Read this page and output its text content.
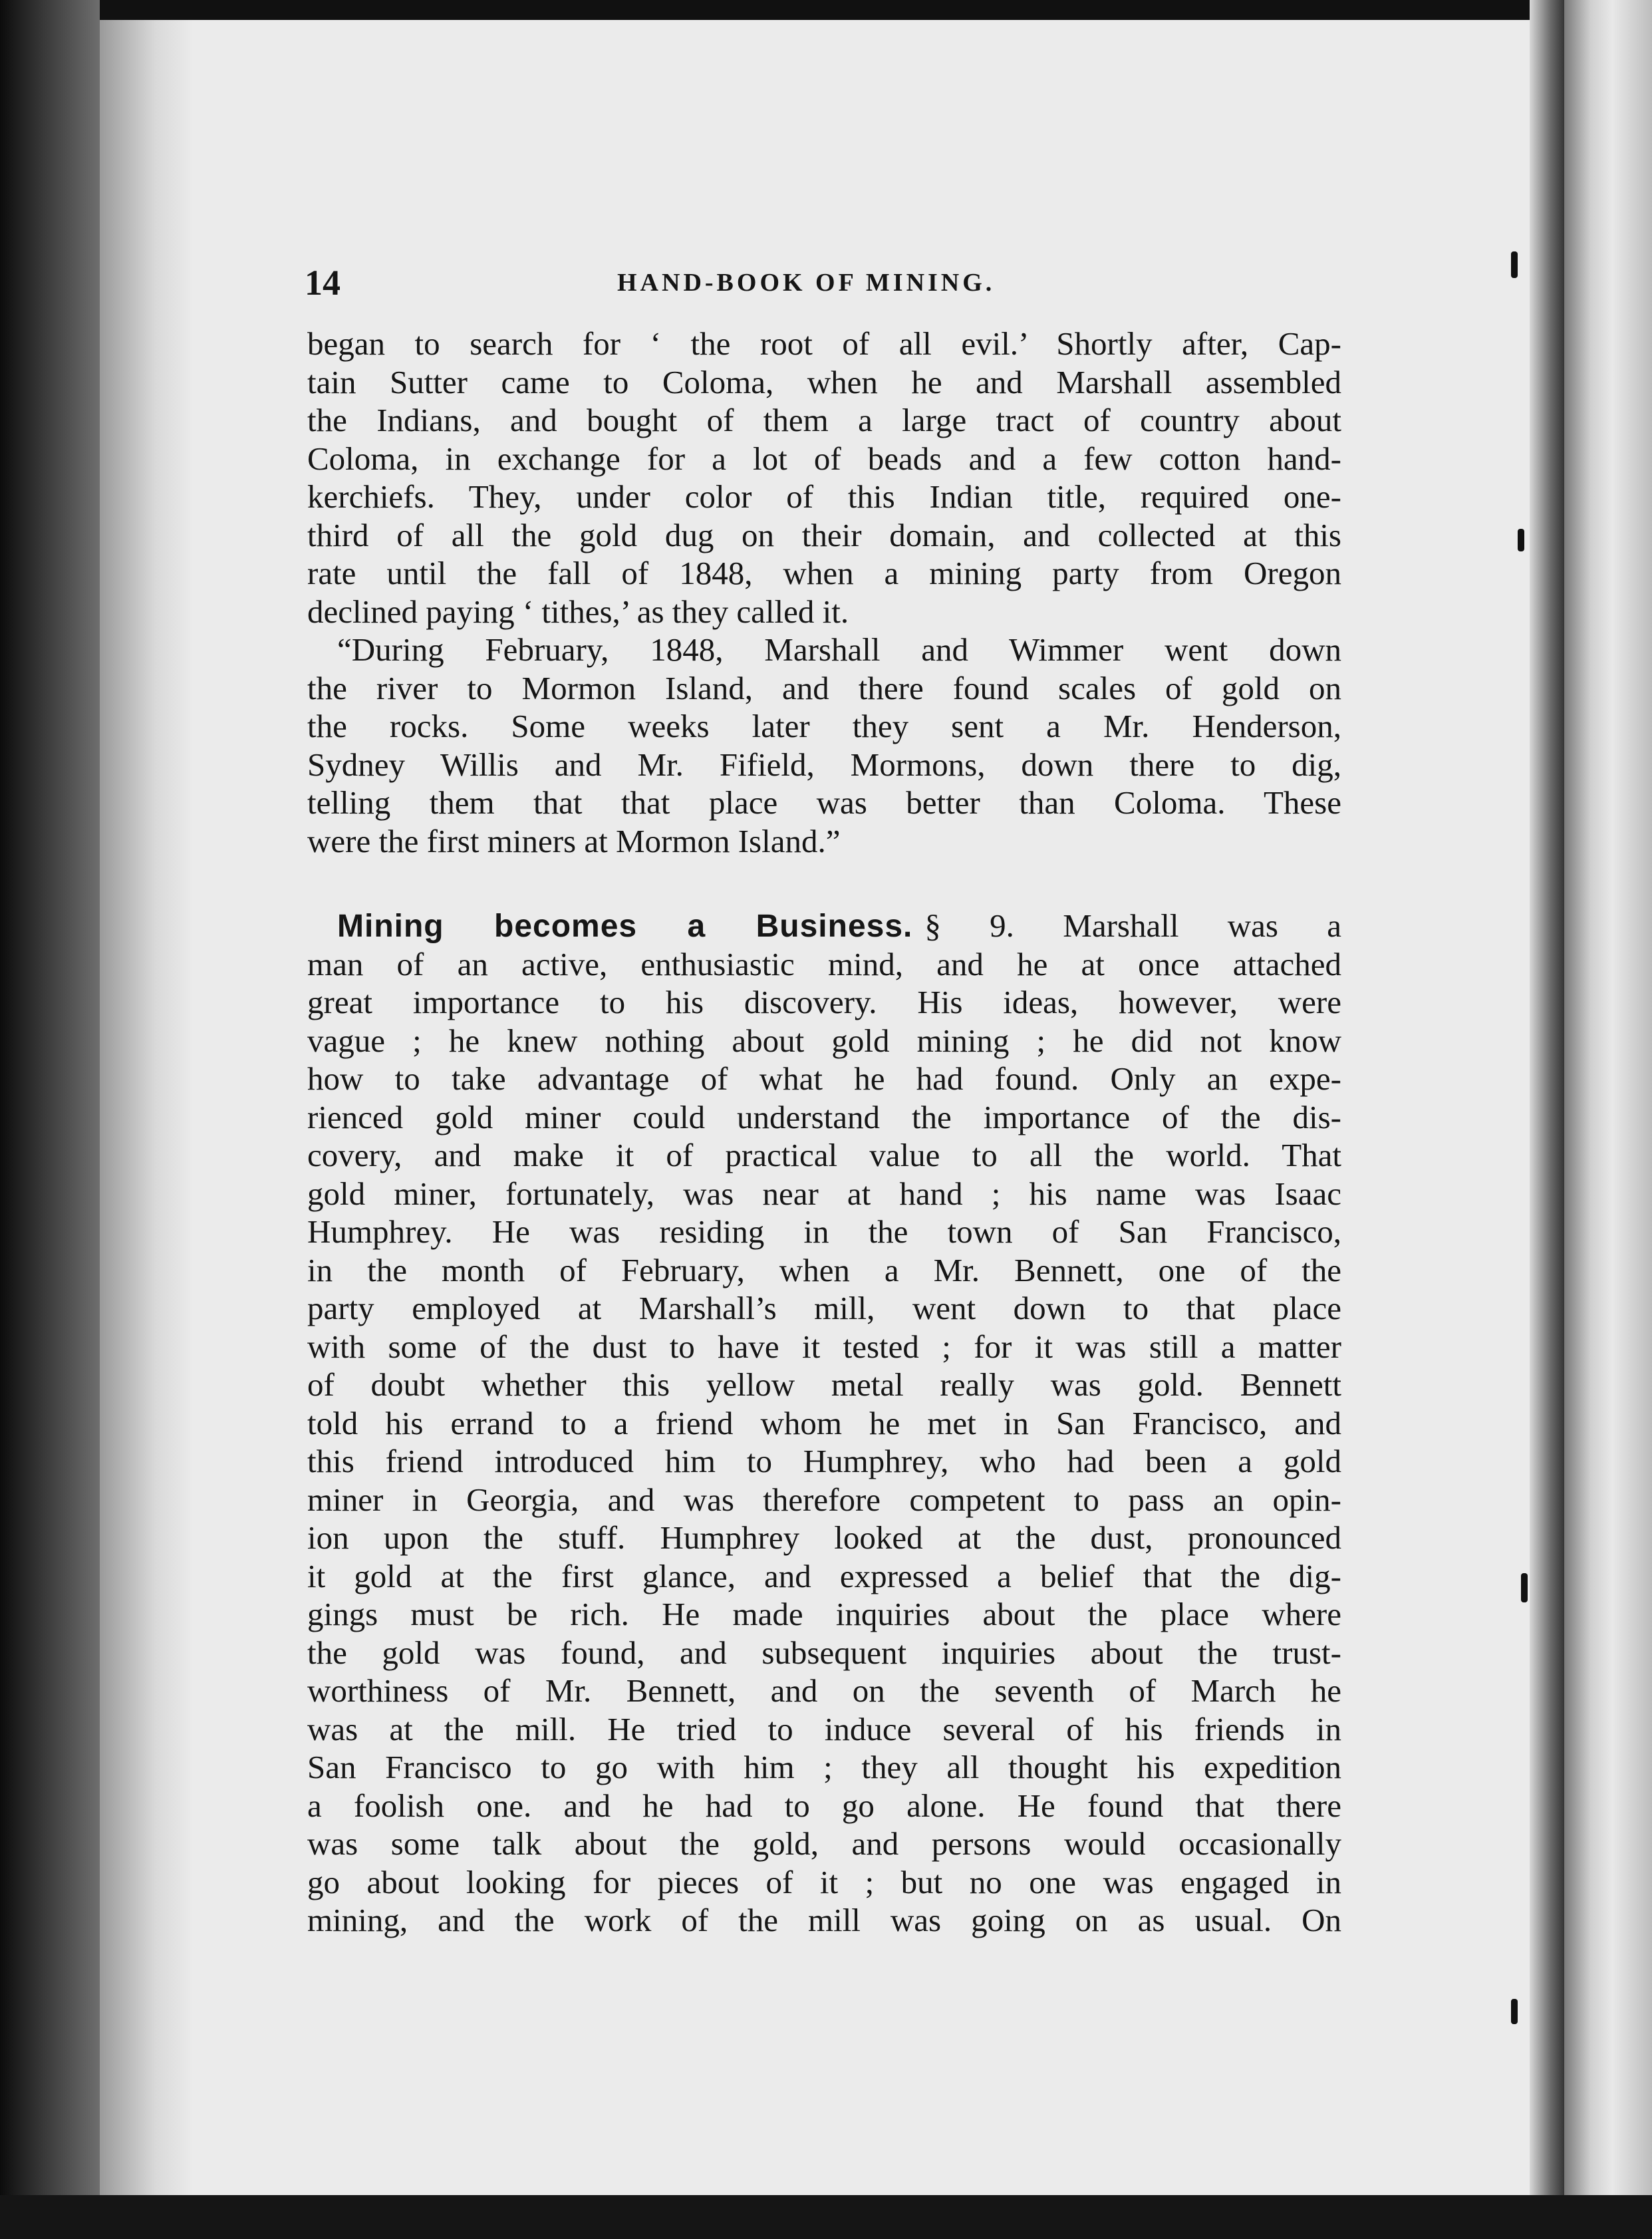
14	HAND-BOOK OF MINING.
began to search for ‘ the root of all evil.’ Shortly after, Cap-
tain Sutter came to Coloma, when he and Marshall assembled
the Indians, and bought of them a large tract of country about
Coloma, in exchange for a lot of beads and a few cotton hand-
kerchiefs. They, under color of this Indian title, required one-
third of all the gold dug on their domain, and collected at this
rate until the fall of 1848, when a mining party from Oregon
declined paying ‘ tithes,’ as they called it.
“During February, 1848, Marshall and Wimmer went down
the river to Mormon Island, and there found scales of gold on
the rocks. Some weeks later they sent a Mr. Henderson,
Sydney Willis and Mr. Fifield, Mormons, down there to dig,
telling them that that place was better than Coloma. These
were the first miners at Mormon Island.”
Mining becomes a Business. § 9. Marshall was a
man of an active, enthusiastic mind, and he at once attached
great importance to his discovery. His ideas, however, were
vague ; he knew nothing about gold mining ; he did not know
how to take advantage of what he had found. Only an expe-
rienced gold miner could understand the importance of the dis-
covery, and make it of practical value to all the world. That
gold miner, fortunately, was near at hand ; his name was Isaac
Humphrey. He was residing in the town of San Francisco,
in the month of February, when a Mr. Bennett, one of the
party employed at Marshall’s mill, went down to that place
with some of the dust to have it tested ; for it was still a matter
of doubt whether this yellow metal really was gold. Bennett
told his errand to a friend whom he met in San Francisco, and
this friend introduced him to Humphrey, who had been a gold
miner in Georgia, and was therefore competent to pass an opin-
ion upon the stuff. Humphrey looked at the dust, pronounced
it gold at the first glance, and expressed a belief that the dig-
gings must be rich. He made inquiries about the place where
the gold was found, and subsequent inquiries about the trust-
worthiness of Mr. Bennett, and on the seventh of March he
was at the mill. He tried to induce several of his friends in
San Francisco to go with him ; they all thought his expedition
a foolish one. and he had to go alone. He found that there
was some talk about the gold, and persons would occasionally
go about looking for pieces of it ; but no one was engaged in
mining, and the work of the mill was going on as usual. On
